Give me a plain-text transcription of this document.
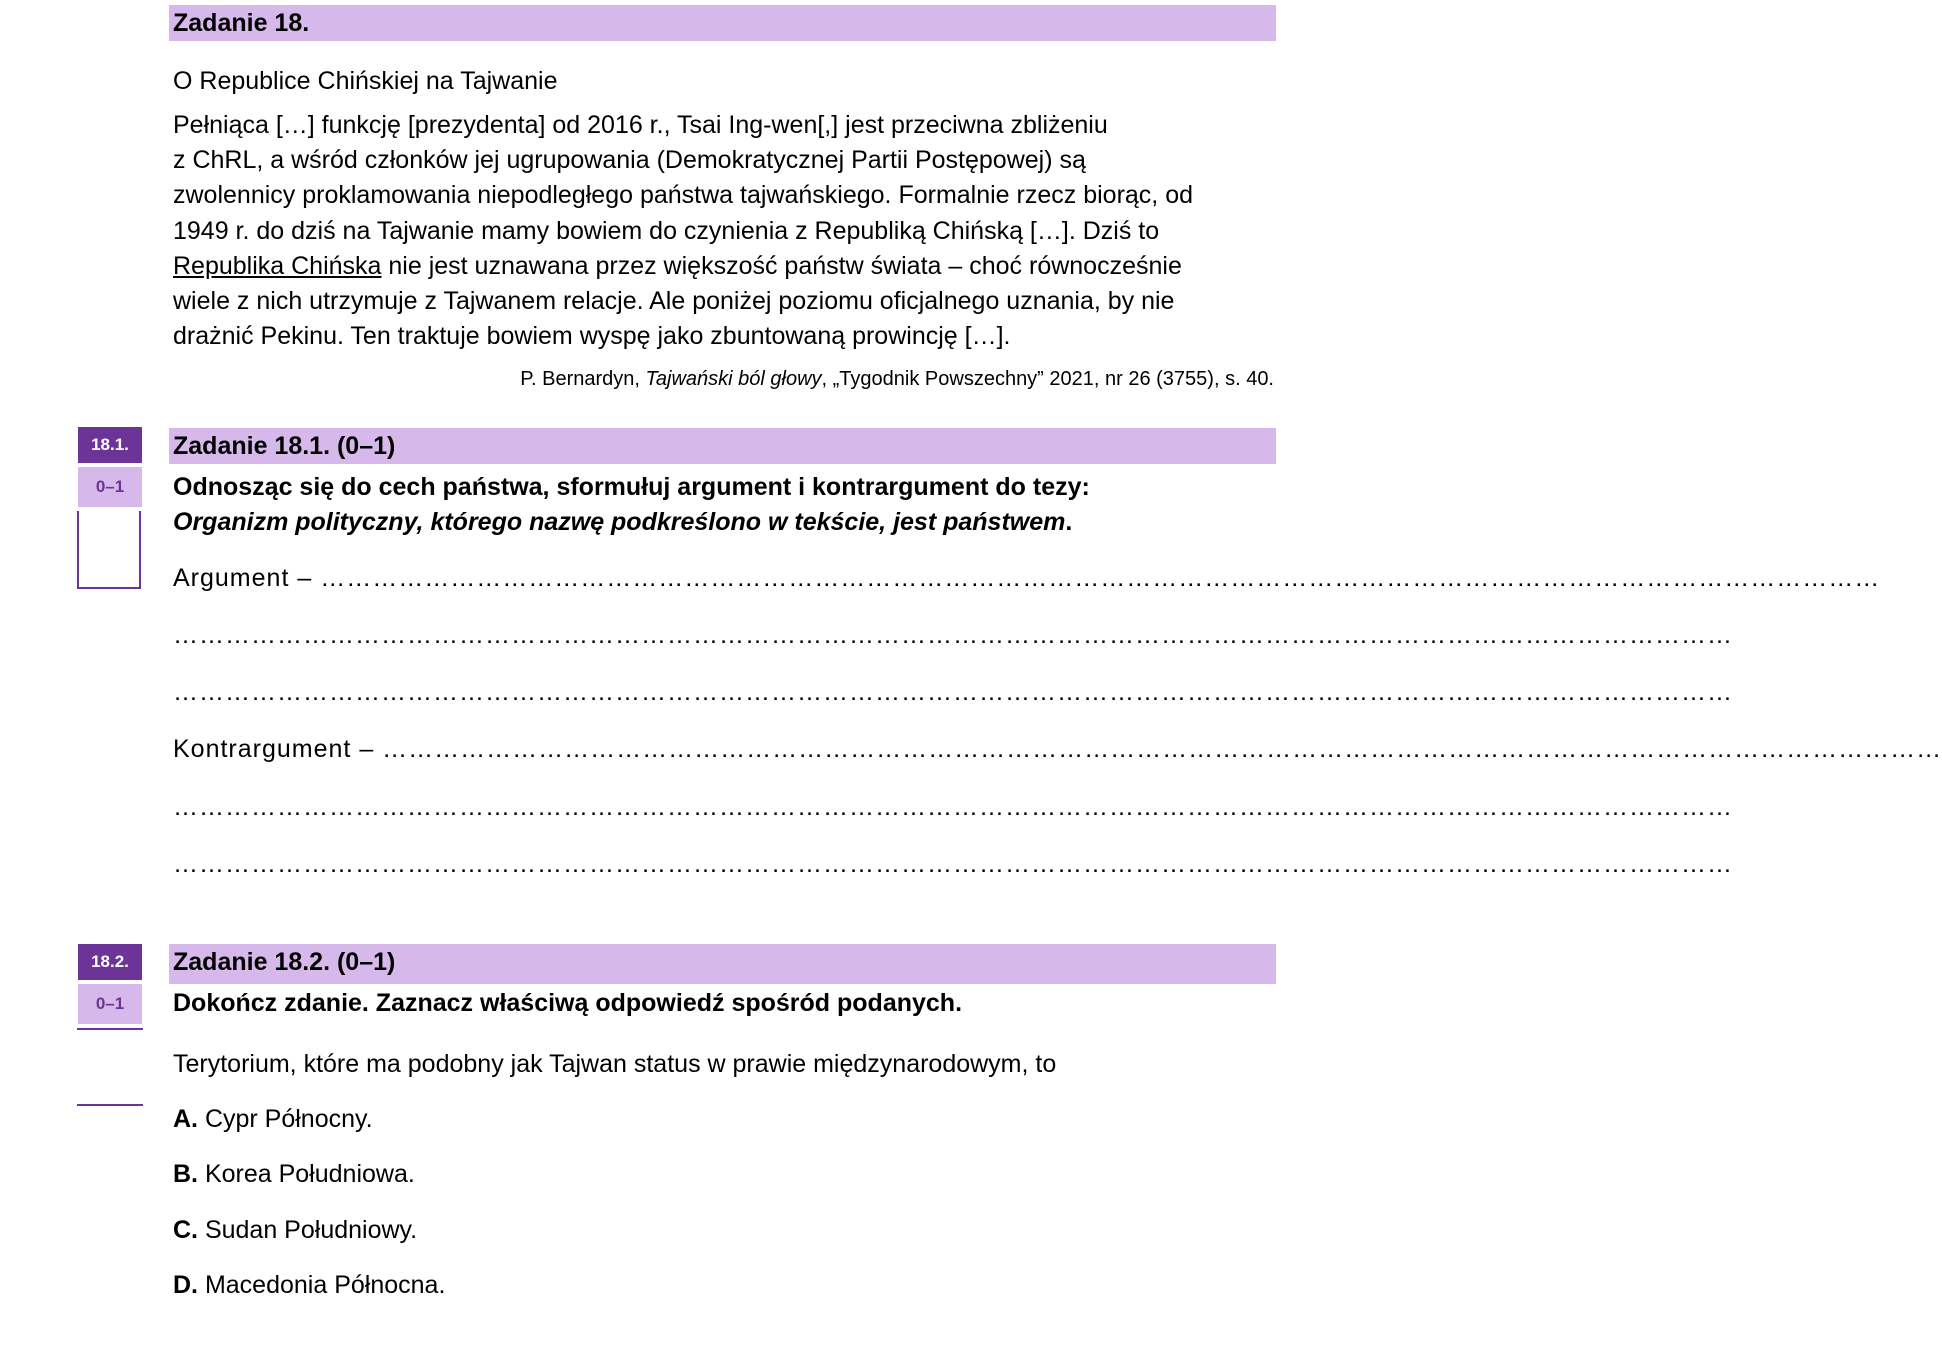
Zadanie 18.
O Republice Chińskiej na Tajwanie
Pełniąca […] funkcję [prezydenta] od 2016 r., Tsai Ing-wen[,] jest przeciwna zbliżeniu
z ChRL, a wśród członków jej ugrupowania (Demokratycznej Partii Postępowej) są
zwolennicy proklamowania niepodległego państwa tajwańskiego. Formalnie rzecz biorąc, od
1949 r. do dziś na Tajwanie mamy bowiem do czynienia z Republiką Chińską […]. Dziś to
Republika Chińska nie jest uznawana przez większość państw świata – choć równocześnie
wiele z nich utrzymuje z Tajwanem relacje. Ale poniżej poziomu oficjalnego uznania, by nie
drażnić Pekinu. Ten traktuje bowiem wyspę jako zbuntowaną prowincję […].
P. Bernardyn, Tajwański ból głowy, „Tygodnik Powszechny” 2021, nr 26 (3755), s. 40.
18.1.
0–1
Zadanie 18.1. (0–1)
Odnosząc się do cech państwa, sformułuj argument i kontrargument do tezy:
Organizm polityczny, którego nazwę podkreślono w tekście, jest państwem.
Argument – ………………………………………………………………………………………………………………………………………………………………
………………………………………………………………………………………………………………………………………………………………
………………………………………………………………………………………………………………………………………………………………
Kontrargument – ………………………………………………………………………………………………………………………………………………………………
………………………………………………………………………………………………………………………………………………………………
………………………………………………………………………………………………………………………………………………………………
18.2.
0–1
Zadanie 18.2. (0–1)
Dokończ zdanie. Zaznacz właściwą odpowiedź spośród podanych.
Terytorium, które ma podobny jak Tajwan status w prawie międzynarodowym, to
A. Cypr Północny.
B. Korea Południowa.
C. Sudan Południowy.
D. Macedonia Północna.
